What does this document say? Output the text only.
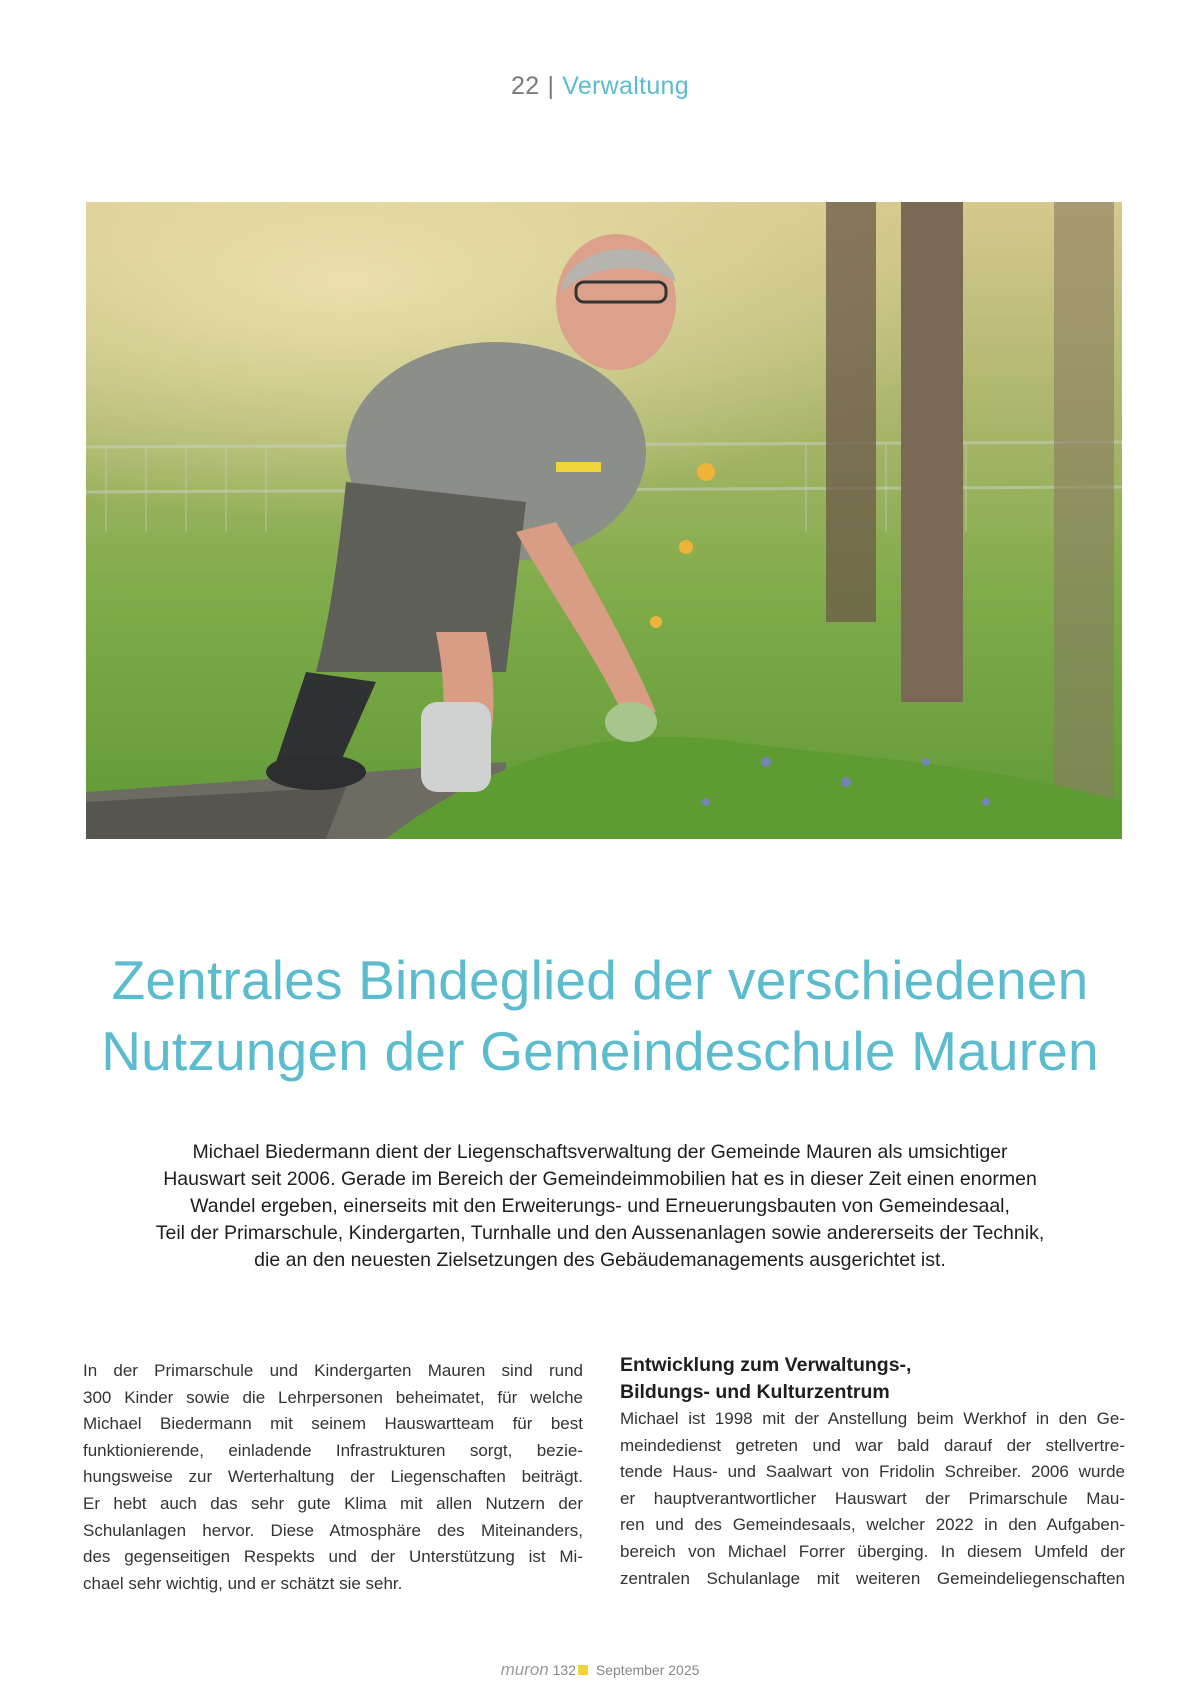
22 | Verwaltung
Zentrales Bindeglied der verschiedenen
Nutzungen der Gemeindeschule Mauren

Michael Biedermann dient der Liegenschaftsverwaltung der Gemeinde Mauren als umsichtiger
Hauswart seit 2006. Gerade im Bereich der Gemeindeimmobilien hat es in dieser Zeit einen enormen
Wandel ergeben, einerseits mit den Erweiterungs- und Erneuerungsbauten von Gemeindesaal,
Teil der Primarschule, Kindergarten, Turnhalle und den Aussenanlagen sowie andererseits der Technik,
die an den neuesten Zielsetzungen des Gebäudemanagements ausgerichtet ist.

In der Primarschule und Kindergarten Mauren sind rund
300 Kinder sowie die Lehrpersonen beheimatet, für welche
Michael Biedermann mit seinem Hauswartteam für best
funktionierende, einladende Infrastrukturen sorgt, bezie-
hungsweise zur Werterhaltung der Liegenschaften beiträgt.
Er hebt auch das sehr gute Klima mit allen Nutzern der
Schulanlagen hervor. Diese Atmosphäre des Miteinanders,
des gegenseitigen Respekts und der Unterstützung ist Mi-
chael sehr wichtig, und er schätzt sie sehr.
Entwicklung zum Verwaltungs-,
Bildungs- und Kulturzentrum
Michael ist 1998 mit der Anstellung beim Werkhof in den Ge-
meindedienst getreten und war bald darauf der stellvertre-
tende Haus- und Saalwart von Fridolin Schreiber. 2006 wurde
er hauptverantwortlicher Hauswart der Primarschule Mau-
ren und des Gemeindesaals, welcher 2022 in den Aufgaben-
bereich von Michael Forrer überging. In diesem Umfeld der
zentralen Schulanlage mit weiteren Gemeindeliegenschaften
muron 132 September 2025
